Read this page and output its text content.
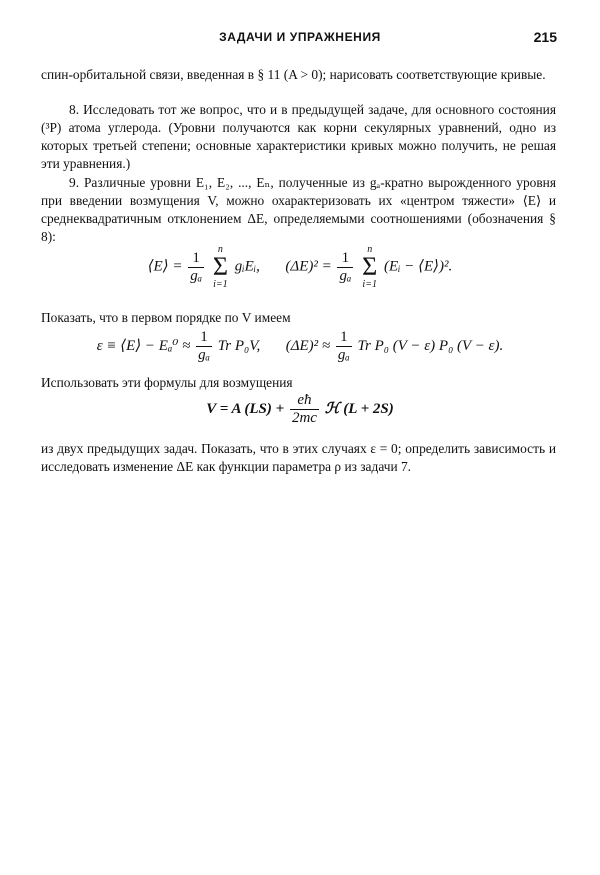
ЗАДАЧИ И УПРАЖНЕНИЯ	215

спин-орбитальной связи, введенная в § 11 (A > 0); нарисовать соответствующие кривые.

8. Исследовать тот же вопрос, что и в предыдущей задаче, для основного состояния (³P) атома углерода. (Уровни получаются как корни секулярных уравнений, одно из которых третьей степени; основные характеристики кривых можно получить, не решая эти уравнения.)

9. Различные уровни E₁, E₂, ..., Eₙ, полученные из gₐ-кратно вырожденного уровня при введении возмущения V, можно охарактеризовать их «центром тяжести» ⟨E⟩ и среднеквадратичным отклонением ΔE, определяемыми соотношениями (обозначения § 8):

⟨E⟩ = $\frac{1}{\text{gₐ}}$
	n
Σ
i=1
gᵢEᵢ, $(\Delta E)^2 = \frac{1}{\text{gₐ}}$
	n
Σ
i=1
(Eᵢ − ⟨E⟩)².

Показать, что в первом порядке по V имеем

ε ≡ ⟨E⟩ − $E_a^0 \approx \frac{1}{\text{gₐ}}$ Tr P₀V, $(\Delta E)^2 \approx \frac{1}{\text{gₐ}}$ Tr P₀ (V − ε) P₀ (V − ε).

Использовать эти формулы для возмущения

V = A $(LS) + \frac{eħ}{2mc}$ ℋ (L + 2S)

из двух предыдущих задач. Показать, что в этих случаях ε = 0; определить зависимость и исследовать изменение ΔE как функции параметра ρ из задачи 7.
